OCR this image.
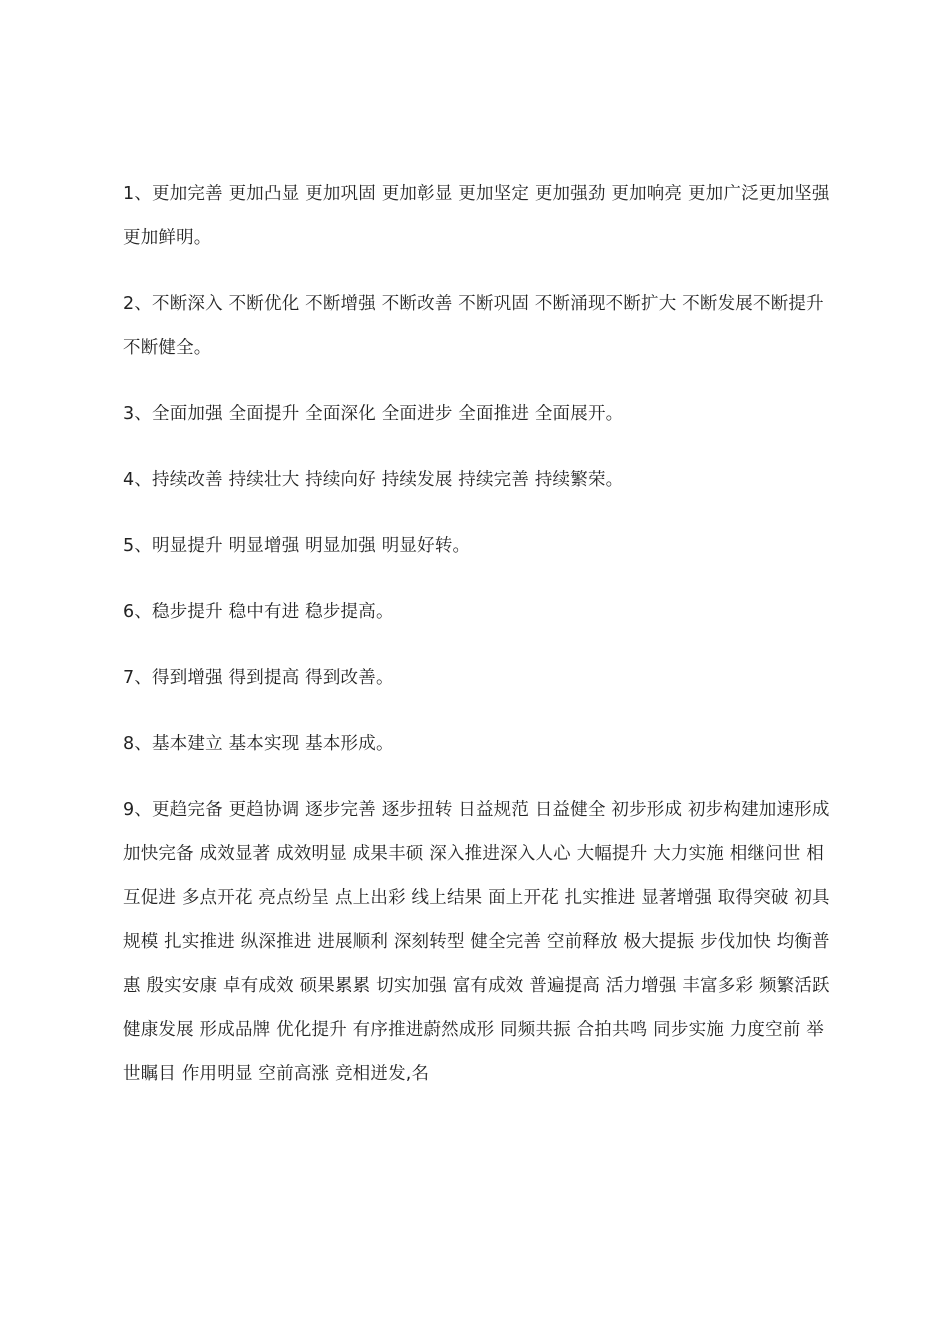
1、更加完善 更加凸显 更加巩固 更加彰显 更加坚定 更加强劲 更加响亮 更加广泛更加坚强 更加鲜明。

2、不断深入 不断优化 不断增强 不断改善 不断巩固 不断涌现不断扩大 不断发展不断提升 不断健全。

3、全面加强 全面提升 全面深化 全面进步 全面推进 全面展开。

4、持续改善 持续壮大 持续向好 持续发展 持续完善 持续繁荣。

5、明显提升 明显增强 明显加强 明显好转。

6、稳步提升 稳中有进 稳步提高。

7、得到增强 得到提高 得到改善。

8、基本建立 基本实现 基本形成。

9、更趋完备 更趋协调 逐步完善 逐步扭转 日益规范 日益健全 初步形成 初步构建加速形成 加快完备 成效显著 成效明显 成果丰硕 深入推进深入人心 大幅提升 大力实施 相继问世 相互促进 多点开花 亮点纷呈 点上出彩 线上结果 面上开花 扎实推进 显著增强 取得突破 初具规模 扎实推进 纵深推进 进展顺利 深刻转型 健全完善 空前释放 极大提振 步伐加快 均衡普惠 殷实安康 卓有成效 硕果累累 切实加强 富有成效 普遍提高 活力增强 丰富多彩 频繁活跃 健康发展 形成品牌 优化提升 有序推进蔚然成形 同频共振 合拍共鸣 同步实施 力度空前 举世瞩目 作用明显 空前高涨 竞相迸发,名
